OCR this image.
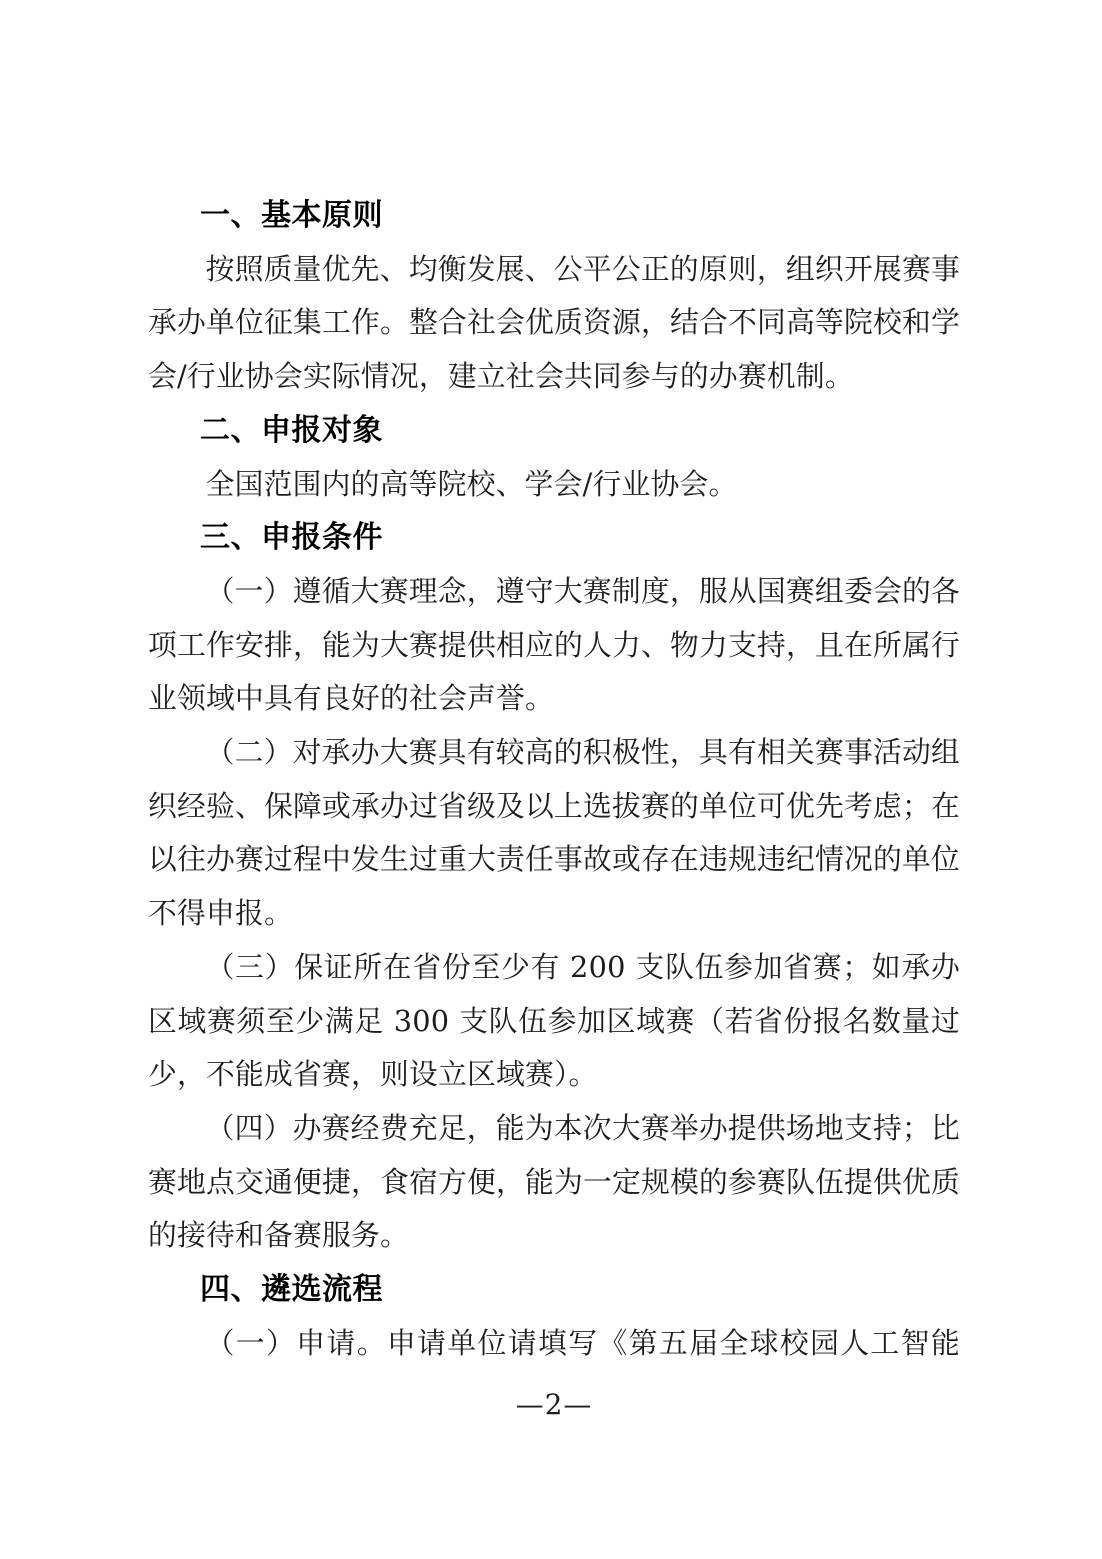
一、基本原则

按照质量优先、均衡发展、公平公正的原则，组织开展赛事承办单位征集工作。整合社会优质资源，结合不同高等院校和学会/行业协会实际情况，建立社会共同参与的办赛机制。

二、申报对象

全国范围内的高等院校、学会/行业协会。

三、申报条件

（一）遵循大赛理念，遵守大赛制度，服从国赛组委会的各项工作安排，能为大赛提供相应的人力、物力支持，且在所属行业领域中具有良好的社会声誉。

（二）对承办大赛具有较高的积极性，具有相关赛事活动组织经验、保障或承办过省级及以上选拔赛的单位可优先考虑；在以往办赛过程中发生过重大责任事故或存在违规违纪情况的单位不得申报。

（三）保证所在省份至少有 200 支队伍参加省赛；如承办区域赛须至少满足 300 支队伍参加区域赛（若省份报名数量过少，不能成省赛，则设立区域赛）。

（四）办赛经费充足，能为本次大赛举办提供场地支持；比赛地点交通便捷，食宿方便，能为一定规模的参赛队伍提供优质的接待和备赛服务。

四、遴选流程

（一）申请。申请单位请填写《第五届全球校园人工智能

—2—
